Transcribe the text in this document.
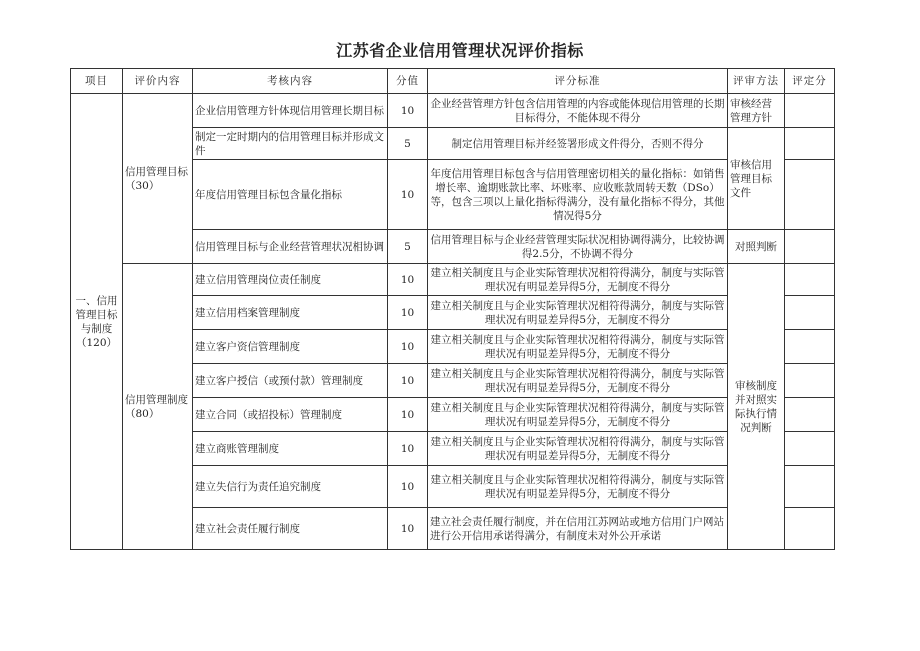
江苏省企业信用管理状况评价指标
项目	评价内容	考核内容	分值	评分标准	评审方法	评定分
一、信用管理目标与制度（120）	信用管理目标（30）	企业信用管理方针体现信用管理长期目标	10	企业经营管理方针包含信用管理的内容或能体现信用管理的长期目标得分，不能体现不得分	审核经营管理方针	
		制定一定时期内的信用管理目标并形成文件	5	制定信用管理目标并经签署形成文件得分，否则不得分	审核信用管理目标文件	
		年度信用管理目标包含量化指标	10	年度信用管理目标包含与信用管理密切相关的量化指标：如销售增长率、逾期账款比率、坏账率、应收账款周转天数（DSo）等，包含三项以上量化指标得满分，没有量化指标不得分，其他情况得5分		
		信用管理目标与企业经营管理状况相协调	5	信用管理目标与企业经营管理实际状况相协调得满分，比较协调得2.5分，不协调不得分	对照判断	
	信用管理制度（80）	建立信用管理岗位责任制度	10	建立相关制度且与企业实际管理状况相符得满分，制度与实际管理状况有明显差异得5分，无制度不得分	审核制度并对照实际执行情况判断	
		建立信用档案管理制度	10	建立相关制度且与企业实际管理状况相符得满分，制度与实际管理状况有明显差异得5分，无制度不得分		
		建立客户资信管理制度	10	建立相关制度且与企业实际管理状况相符得满分，制度与实际管理状况有明显差异得5分，无制度不得分		
		建立客户授信（或预付款）管理制度	10	建立相关制度且与企业实际管理状况相符得满分，制度与实际管理状况有明显差异得5分，无制度不得分		
		建立合同（或招投标）管理制度	10	建立相关制度且与企业实际管理状况相符得满分，制度与实际管理状况有明显差异得5分，无制度不得分		
		建立商账管理制度	10	建立相关制度且与企业实际管理状况相符得满分，制度与实际管理状况有明显差异得5分，无制度不得分		
		建立失信行为责任追究制度	10	建立相关制度且与企业实际管理状况相符得满分，制度与实际管理状况有明显差异得5分，无制度不得分		
		建立社会责任履行制度	10	建立社会责任履行制度，并在信用江苏网站或地方信用门户网站进行公开信用承诺得满分，有制度未对外公开承诺		
